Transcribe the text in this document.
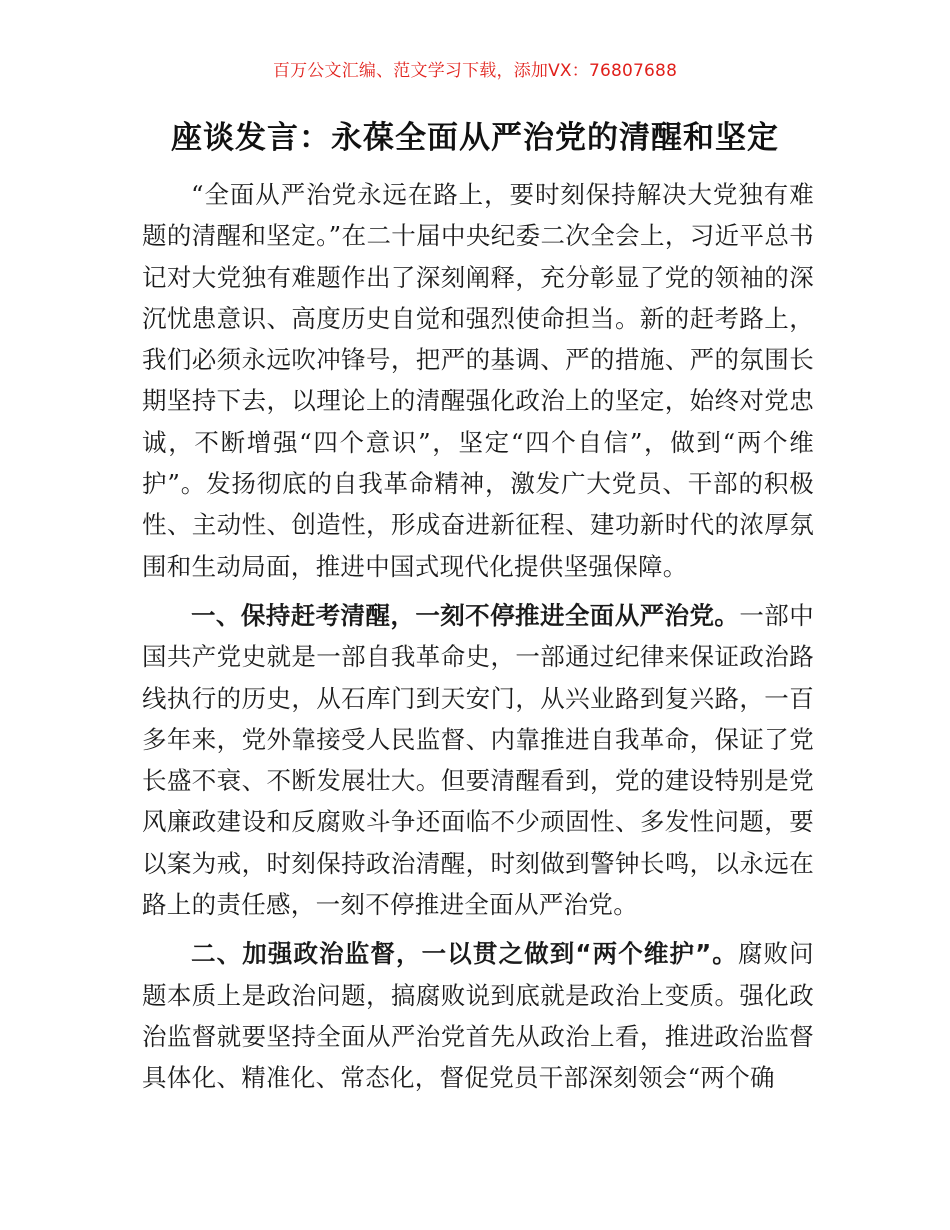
百万公文汇编、范文学习下载，添加VX：76807688
座谈发言：永葆全面从严治党的清醒和坚定

“全面从严治党永远在路上，要时刻保持解决大党独有难题的清醒和坚定。”在二十届中央纪委二次全会上，习近平总书记对大党独有难题作出了深刻阐释，充分彰显了党的领袖的深沉忧患意识、高度历史自觉和强烈使命担当。新的赶考路上，我们必须永远吹冲锋号，把严的基调、严的措施、严的氛围长期坚持下去，以理论上的清醒强化政治上的坚定，始终对党忠诚，不断增强“四个意识”，坚定“四个自信”，做到“两个维护”。发扬彻底的自我革命精神，激发广大党员、干部的积极性、主动性、创造性，形成奋进新征程、建功新时代的浓厚氛围和生动局面，推进中国式现代化提供坚强保障。

一、保持赶考清醒，一刻不停推进全面从严治党。一部中国共产党史就是一部自我革命史，一部通过纪律来保证政治路线执行的历史，从石库门到天安门，从兴业路到复兴路，一百多年来，党外靠接受人民监督、内靠推进自我革命，保证了党长盛不衰、不断发展壮大。但要清醒看到，党的建设特别是党风廉政建设和反腐败斗争还面临不少顽固性、多发性问题，要以案为戒，时刻保持政治清醒，时刻做到警钟长鸣，以永远在路上的责任感，一刻不停推进全面从严治党。

二、加强政治监督，一以贯之做到“两个维护”。腐败问题本质上是政治问题，搞腐败说到底就是政治上变质。强化政治监督就要坚持全面从严治党首先从政治上看，推进政治监督具体化、精准化、常态化，督促党员干部深刻领会“两个确
